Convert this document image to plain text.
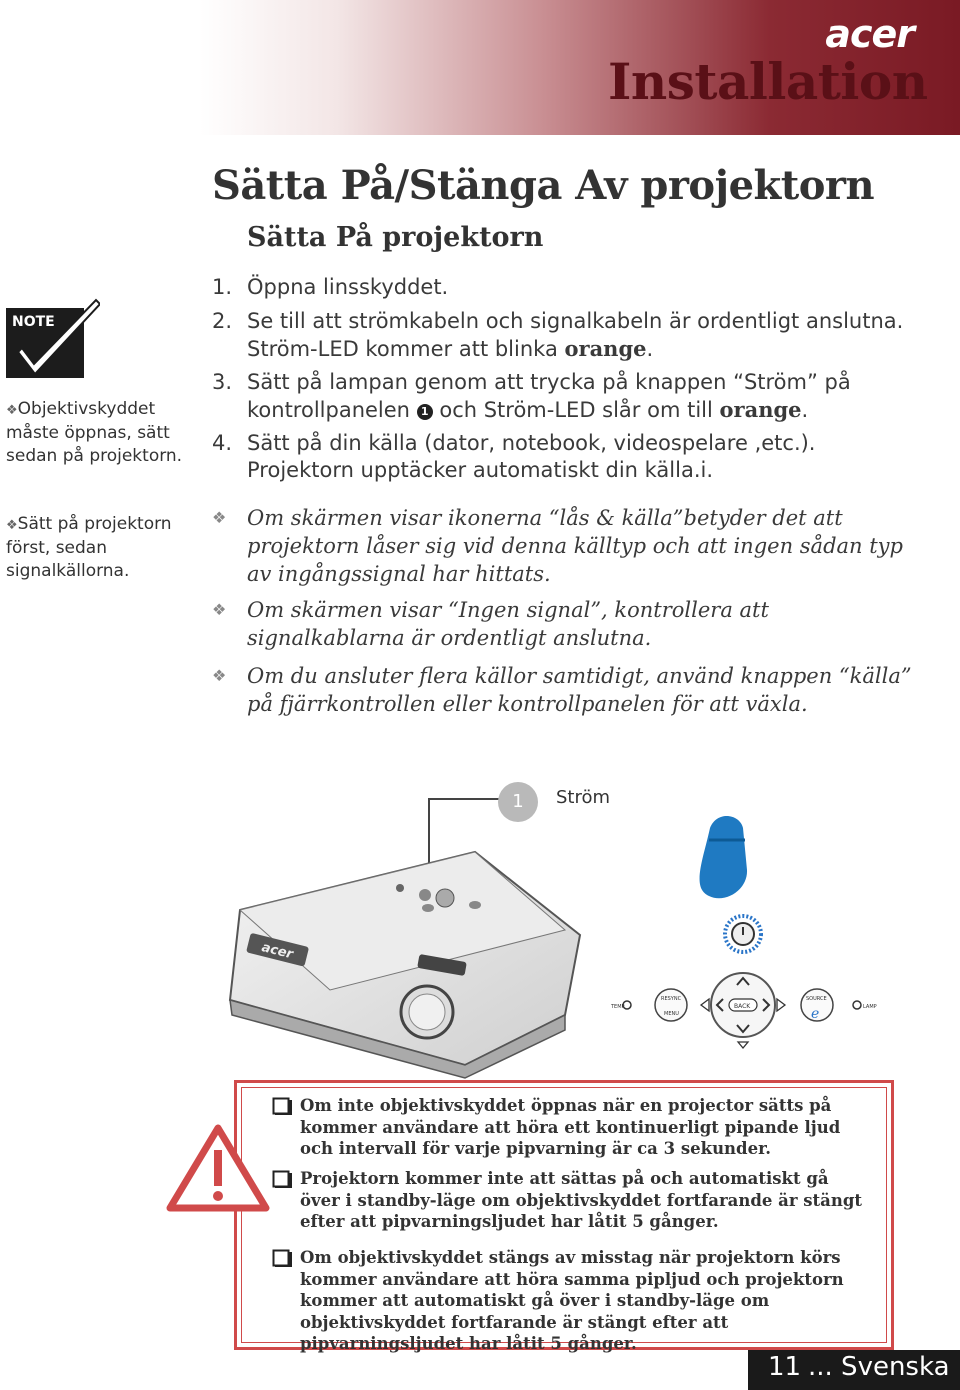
acer
Installation
Sätta På/Stänga Av projektorn
Sätta På projektorn
1. Öppna linsskyddet.
2. Se till att strömkabeln och signalkabeln är ordentligt anslutna. Ström-LED kommer att blinka orange.
3. Sätt på lampan genom att trycka på knappen “Ström” på kontrollpanelen 1 och Ström-LED slår om till orange.
4. Sätt på din källa (dator, notebook, videospelare ,etc.). Projektorn upptäcker automatiskt din källa.i.
❖ Om skärmen visar ikonerna “lås & källa”betyder det att projektorn låser sig vid denna källtyp och att ingen sådan typ av ingångssignal har hittats.
❖ Om skärmen visar “Ingen signal”, kontrollera att signalkablarna är ordentligt anslutna.
❖ Om du ansluter flera källor samtidigt, använd knappen “källa” på fjärrkontrollen eller kontrollpanelen för att växla.
NOTE
❖Objektivskyddet måste öppnas, sätt sedan på projektorn.
❖Sätt på projektorn först, sedan signalkällorna.
1	Ström
acer
TEMP
RESYNC
MENU
BACK
SOURCE
e	LAMP
Om inte objektivskyddet öppnas när en projector sätts på kommer användare att höra ett kontinuerligt pipande ljud och intervall för varje pipvarning är ca 3 sekunder.
Projektorn kommer inte att sättas på och automatiskt gå över i standby-läge om objektivskyddet fortfarande är stängt efter att pipvarningsljudet har låtit 5 gånger.
Om objektivskyddet stängs av misstag när projektorn körs kommer användare att höra samma pipljud och projektorn kommer att automatiskt gå över i standby-läge om objektivskyddet fortfarande är stängt efter att pipvarningsljudet har låtit 5 gånger.
11 ... Svenska
